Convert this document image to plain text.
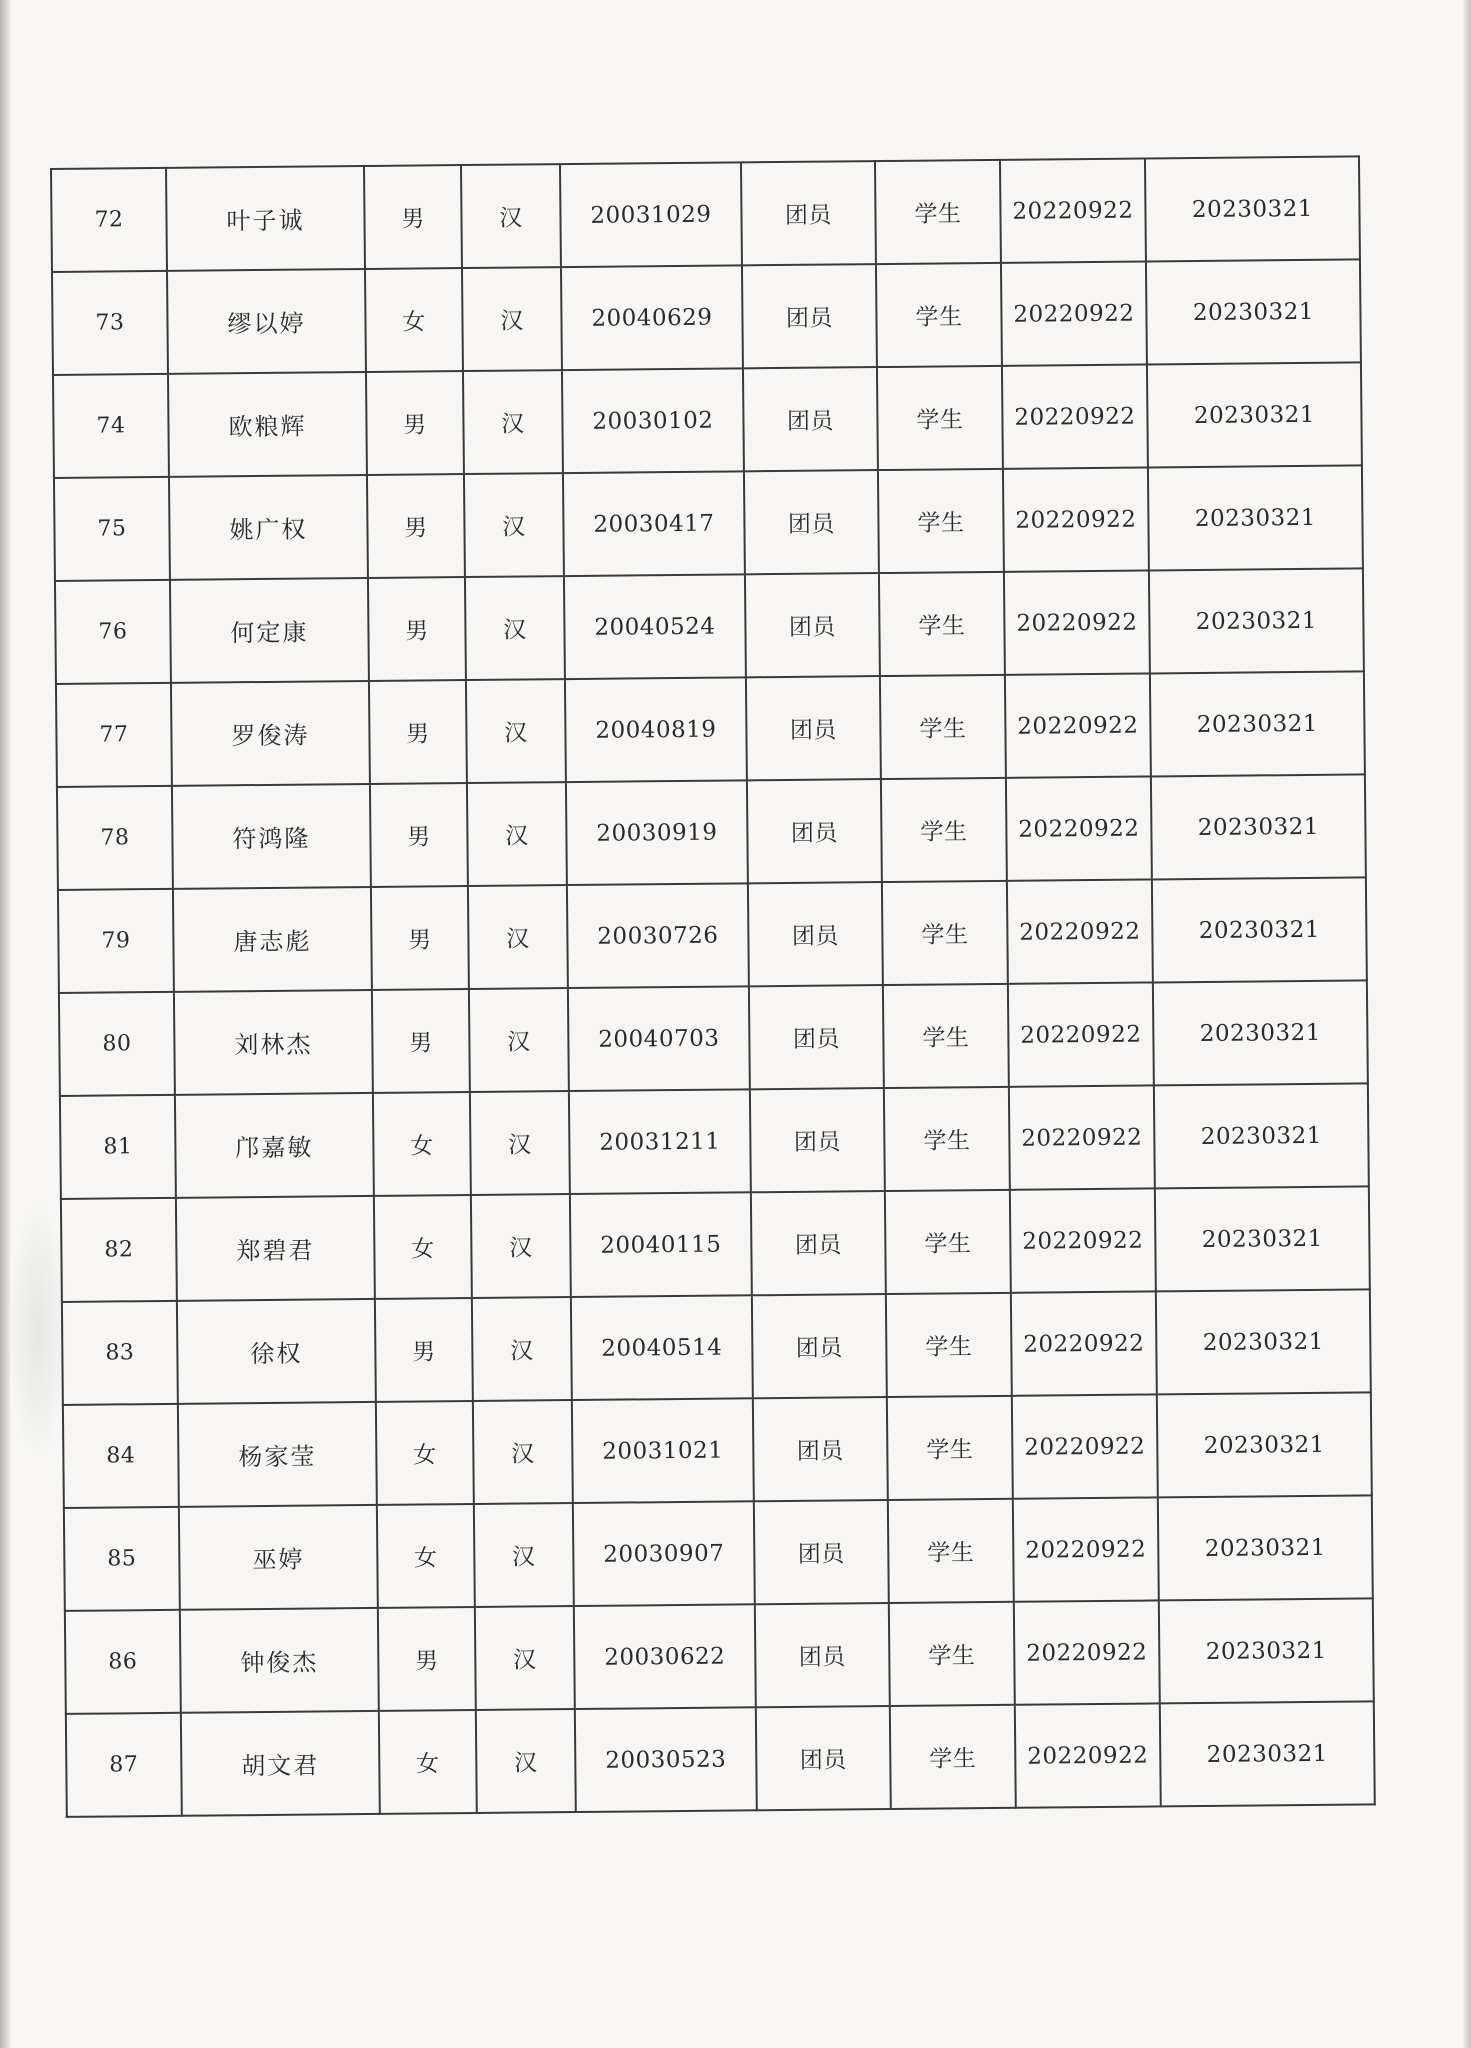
72	叶子诚	男	汉	20031029	团员	学生	20220922	20230321
73	缪以婷	女	汉	20040629	团员	学生	20220922	20230321
74	欧粮辉	男	汉	20030102	团员	学生	20220922	20230321
75	姚广权	男	汉	20030417	团员	学生	20220922	20230321
76	何定康	男	汉	20040524	团员	学生	20220922	20230321
77	罗俊涛	男	汉	20040819	团员	学生	20220922	20230321
78	符鸿隆	男	汉	20030919	团员	学生	20220922	20230321
79	唐志彪	男	汉	20030726	团员	学生	20220922	20230321
80	刘林杰	男	汉	20040703	团员	学生	20220922	20230321
81	邝嘉敏	女	汉	20031211	团员	学生	20220922	20230321
82	郑碧君	女	汉	20040115	团员	学生	20220922	20230321
83	徐权	男	汉	20040514	团员	学生	20220922	20230321
84	杨家莹	女	汉	20031021	团员	学生	20220922	20230321
85	巫婷	女	汉	20030907	团员	学生	20220922	20230321
86	钟俊杰	男	汉	20030622	团员	学生	20220922	20230321
87	胡文君	女	汉	20030523	团员	学生	20220922	20230321
